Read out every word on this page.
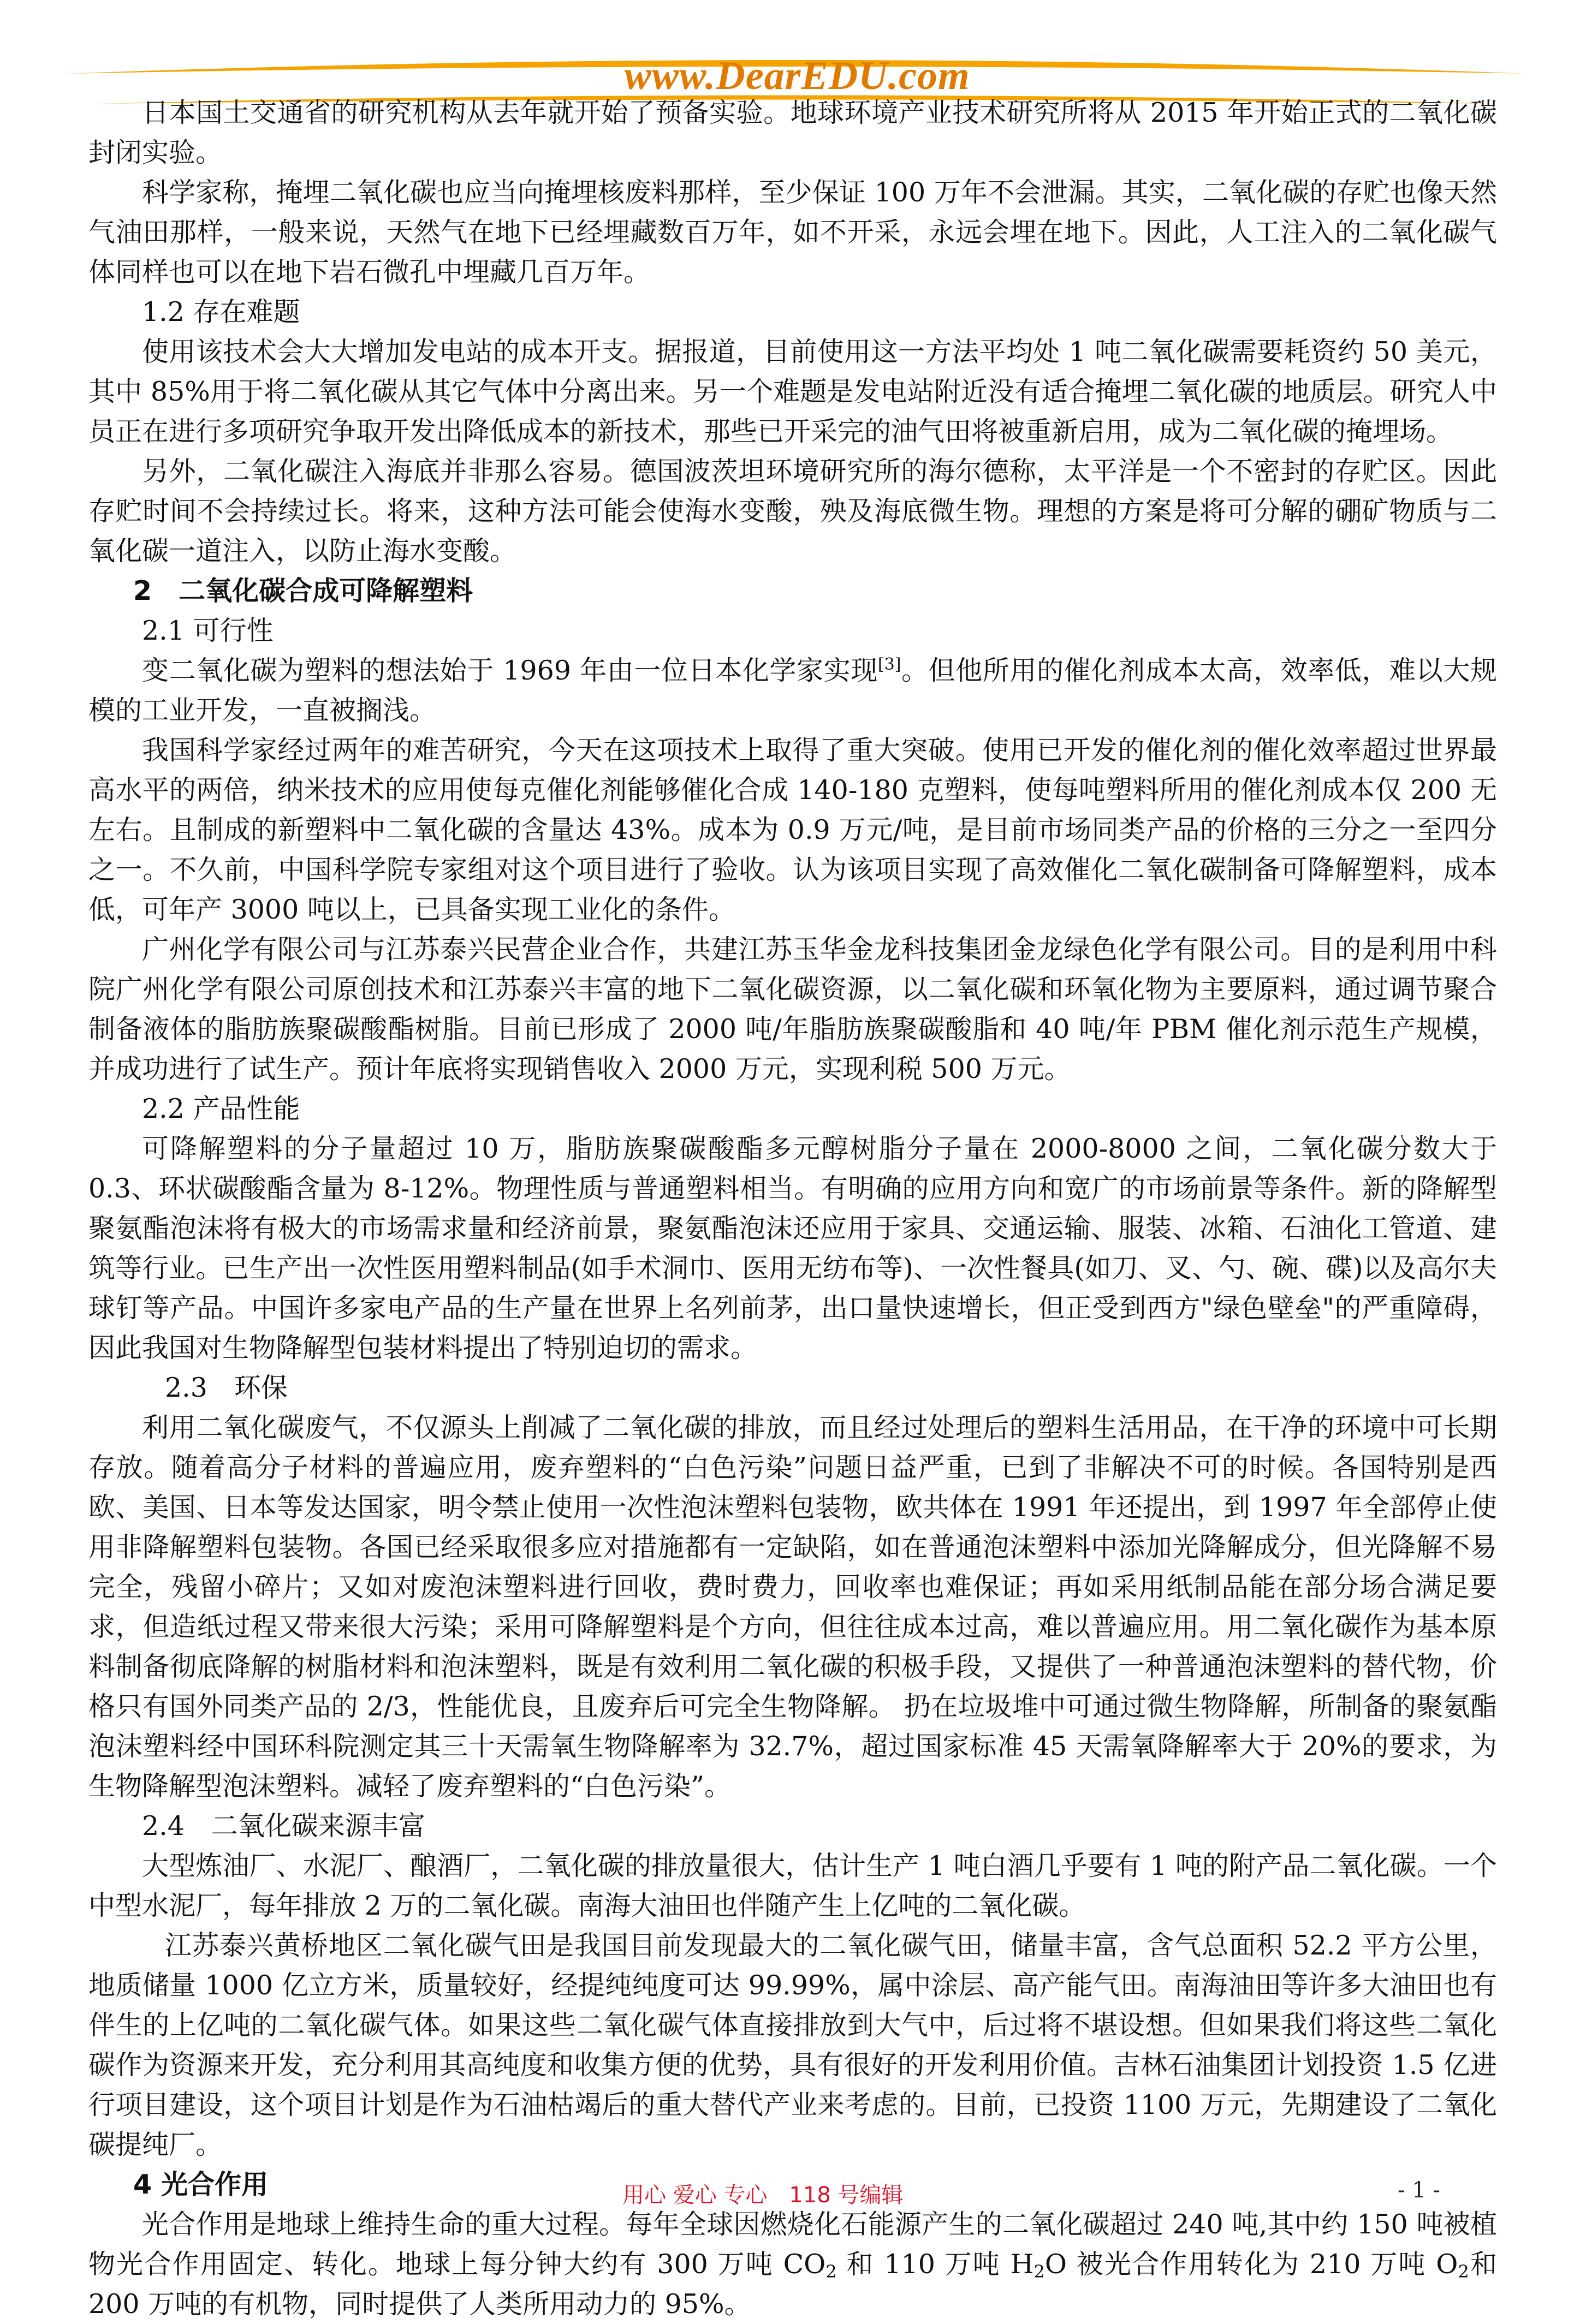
www.DearEDU.com

日本国土交通省的研究机构从去年就开始了预备实验。地球环境产业技术研究所将从 2015 年开始正式的二氧化碳封闭实验。

科学家称，掩埋二氧化碳也应当向掩埋核废料那样，至少保证 100 万年不会泄漏。其实，二氧化碳的存贮也像天然气油田那样，一般来说，天然气在地下已经埋藏数百万年，如不开采，永远会埋在地下。因此，人工注入的二氧化碳气体同样也可以在地下岩石微孔中埋藏几百万年。

1.2 存在难题

使用该技术会大大增加发电站的成本开支。据报道，目前使用这一方法平均处 1 吨二氧化碳需要耗资约 50 美元，其中 85%用于将二氧化碳从其它气体中分离出来。另一个难题是发电站附近没有适合掩埋二氧化碳的地质层。研究人中员正在进行多项研究争取开发出降低成本的新技术，那些已开采完的油气田将被重新启用，成为二氧化碳的掩埋场。

另外，二氧化碳注入海底并非那么容易。德国波茨坦环境研究所的海尔德称，太平洋是一个不密封的存贮区。因此存贮时间不会持续过长。将来，这种方法可能会使海水变酸，殃及海底微生物。理想的方案是将可分解的硼矿物质与二氧化碳一道注入，以防止海水变酸。

2　二氧化碳合成可降解塑料

2.1 可行性

变二氧化碳为塑料的想法始于 1969 年由一位日本化学家实现[3]。但他所用的催化剂成本太高，效率低，难以大规模的工业开发，一直被搁浅。

我国科学家经过两年的难苦研究，今天在这项技术上取得了重大突破。使用已开发的催化剂的催化效率超过世界最高水平的两倍，纳米技术的应用使每克催化剂能够催化合成 140-180 克塑料，使每吨塑料所用的催化剂成本仅 200 无左右。且制成的新塑料中二氧化碳的含量达 43%。成本为 0.9 万元/吨，是目前市场同类产品的价格的三分之一至四分之一。不久前，中国科学院专家组对这个项目进行了验收。认为该项目实现了高效催化二氧化碳制备可降解塑料，成本低，可年产 3000 吨以上，已具备实现工业化的条件。

广州化学有限公司与江苏泰兴民营企业合作，共建江苏玉华金龙科技集团金龙绿色化学有限公司。目的是利用中科院广州化学有限公司原创技术和江苏泰兴丰富的地下二氧化碳资源，以二氧化碳和环氧化物为主要原料，通过调节聚合制备液体的脂肪族聚碳酸酯树脂。目前已形成了 2000 吨/年脂肪族聚碳酸脂和 40 吨/年 PBM 催化剂示范生产规模，并成功进行了试生产。预计年底将实现销售收入 2000 万元，实现利税 500 万元。

2.2 产品性能

可降解塑料的分子量超过 10 万，脂肪族聚碳酸酯多元醇树脂分子量在 2000-8000 之间，二氧化碳分数大于 0.3、环状碳酸酯含量为 8-12%。物理性质与普通塑料相当。有明确的应用方向和宽广的市场前景等条件。新的降解型聚氨酯泡沫将有极大的市场需求量和经济前景，聚氨酯泡沫还应用于家具、交通运输、服装、冰箱、石油化工管道、建筑等行业。已生产出一次性医用塑料制品(如手术洞巾、医用无纺布等)、一次性餐具(如刀、叉、勺、碗、碟)以及高尔夫球钉等产品。中国许多家电产品的生产量在世界上名列前茅，出口量快速增长，但正受到西方"绿色壁垒"的严重障碍，因此我国对生物降解型包装材料提出了特别迫切的需求。

2.3　环保

利用二氧化碳废气，不仅源头上削减了二氧化碳的排放，而且经过处理后的塑料生活用品，在干净的环境中可长期存放。随着高分子材料的普遍应用，废弃塑料的“白色污染”问题日益严重，已到了非解决不可的时候。各国特别是西欧、美国、日本等发达国家，明令禁止使用一次性泡沫塑料包装物，欧共体在 1991 年还提出，到 1997 年全部停止使用非降解塑料包装物。各国已经采取很多应对措施都有一定缺陷，如在普通泡沫塑料中添加光降解成分，但光降解不易完全，残留小碎片；又如对废泡沫塑料进行回收，费时费力，回收率也难保证；再如采用纸制品能在部分场合满足要求，但造纸过程又带来很大污染；采用可降解塑料是个方向，但往往成本过高，难以普遍应用。用二氧化碳作为基本原料制备彻底降解的树脂材料和泡沫塑料，既是有效利用二氧化碳的积极手段，又提供了一种普通泡沫塑料的替代物，价格只有国外同类产品的 2/3，性能优良，且废弃后可完全生物降解。 扔在垃圾堆中可通过微生物降解，所制备的聚氨酯泡沫塑料经中国环科院测定其三十天需氧生物降解率为 32.7%，超过国家标准 45 天需氧降解率大于 20%的要求，为生物降解型泡沫塑料。减轻了废弃塑料的“白色污染”。

2.4　二氧化碳来源丰富

大型炼油厂、水泥厂、酿酒厂，二氧化碳的排放量很大，估计生产 1 吨白酒几乎要有 1 吨的附产品二氧化碳。一个中型水泥厂，每年排放 2 万的二氧化碳。南海大油田也伴随产生上亿吨的二氧化碳。

江苏泰兴黄桥地区二氧化碳气田是我国目前发现最大的二氧化碳气田，储量丰富，含气总面积 52.2 平方公里，地质储量 1000 亿立方米，质量较好，经提纯纯度可达 99.99%，属中涂层、高产能气田。南海油田等许多大油田也有伴生的上亿吨的二氧化碳气体。如果这些二氧化碳气体直接排放到大气中，后过将不堪设想。但如果我们将这些二氧化碳作为资源来开发，充分利用其高纯度和收集方便的优势，具有很好的开发利用价值。吉林石油集团计划投资 1.5 亿进行项目建设，这个项目计划是作为石油枯竭后的重大替代产业来考虑的。目前，已投资 1100 万元，先期建设了二氧化碳提纯厂。

4 光合作用

光合作用是地球上维持生命的重大过程。每年全球因燃烧化石能源产生的二氧化碳超过 240 吨,其中约 150 吨被植物光合作用固定、转化。地球上每分钟大约有 300 万吨 $CO_2$ 和 110 万吨 $H_2O$ 被光合作用转化为 210 万吨 $O_2$和 200 万吨的有机物，同时提供了人类所用动力的 95%。

用心 爱心 专心　118 号编辑	- 1 -
